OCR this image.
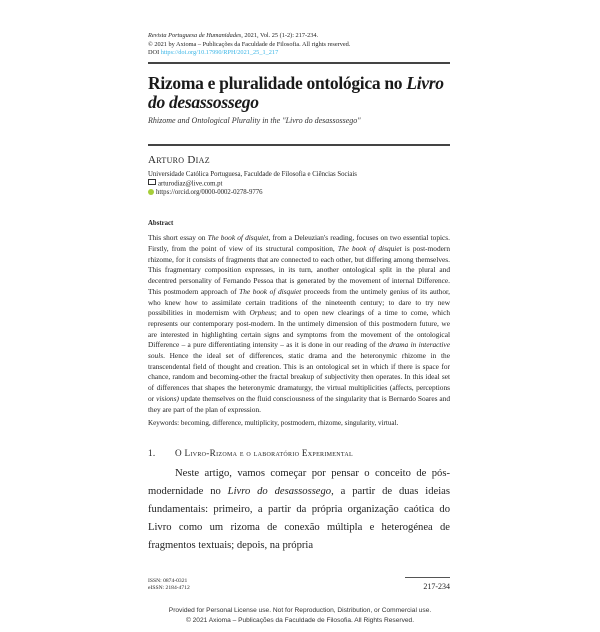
Revista Portuguesa de Humanidades, 2021, Vol. 25 (1-2): 217-234.
© 2021 by Axioma – Publicações da Faculdade de Filosofia. All rights reserved.
DOI https://doi.org/10.17990/RPH/2021_25_1_217
Rizoma e pluralidade ontológica no Livro do desassossego
Rhizome and Ontological Plurality in the "Livro do desassossego"
Arturo Diaz
Universidade Católica Portuguesa, Faculdade de Filosofia e Ciências Sociais
arturodiaz@live.com.pt
https://orcid.org/0000-0002-0278-9776
Abstract
This short essay on The book of disquiet, from a Deleuzian's reading, focuses on two essential topics. Firstly, from the point of view of its structural composition, The book of disquiet is post-modern rhizome, for it consists of fragments that are connected to each other, but differing among themselves. This fragmentary composition expresses, in its turn, another ontological split in the plural and decentred personality of Fernando Pessoa that is generated by the movement of internal Difference. This postmodern approach of The book of disquiet proceeds from the untimely genius of its author, who knew how to assimilate certain traditions of the nineteenth century; to dare to try new possibilities in modernism with Orpheus; and to open new clearings of a time to come, which represents our contemporary post-modern. In the untimely dimension of this postmodern future, we are interested in highlighting certain signs and symptoms from the movement of the ontological Difference – a pure differentiating intensity – as it is done in our reading of the drama in interactive souls. Hence the ideal set of differences, static drama and the heteronymic rhizome in the transcendental field of thought and creation. This is an ontological set in which if there is space for chance, random and becoming-other the fractal breakup of subjectivity then operates. In this ideal set of differences that shapes the heteronymic dramaturgy, the virtual multiplicities (affects, perceptions or visions) update themselves on the fluid consciousness of the singularity that is Bernardo Soares and they are part of the plan of expression.
Keywords: becoming, difference, multiplicity, postmodern, rhizome, singularity, virtual.
1. O Livro-Rizoma e o laboratório Experimental

Neste artigo, vamos começar por pensar o conceito de pós-modernidade no Livro do desassossego, a partir de duas ideias fundamentais: primeiro, a partir da própria organização caótica do Livro como um rizoma de conexão múltipla e heterogénea de fragmentos textuais; depois, na própria

ISSN: 0874-0321
eISSN: 2184-4712	217-234
Provided for Personal License use. Not for Reproduction, Distribution, or Commercial use.
© 2021 Axioma – Publicações da Faculdade de Filosofia. All Rights Reserved.
